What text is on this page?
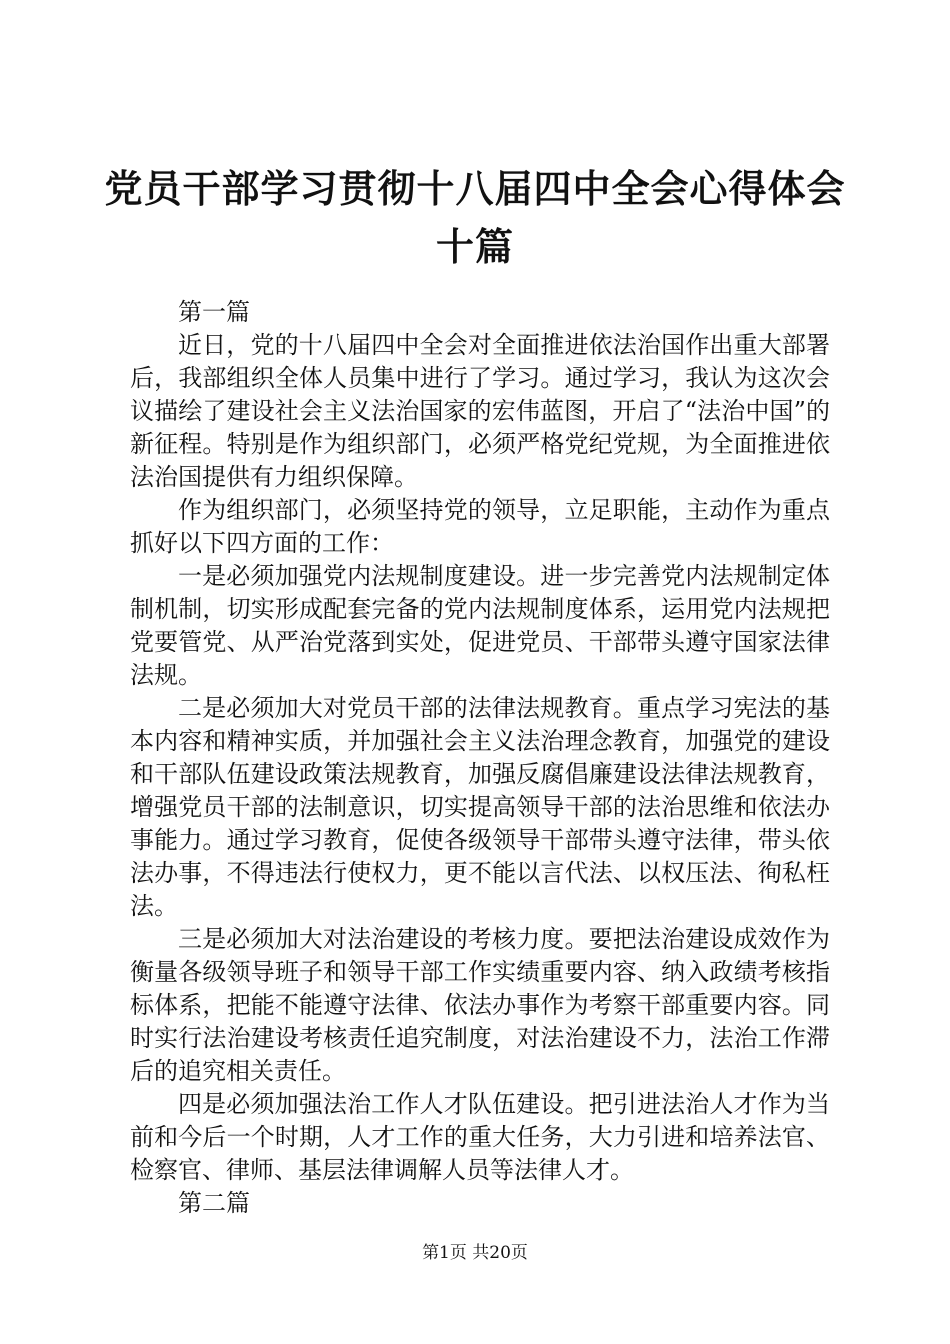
党员干部学习贯彻十八届四中全会心得体会十篇

第一篇

近日，党的十八届四中全会对全面推进依法治国作出重大部署后，我部组织全体人员集中进行了学习。通过学习，我认为这次会议描绘了建设社会主义法治国家的宏伟蓝图，开启了“法治中国”的新征程。特别是作为组织部门，必须严格党纪党规，为全面推进依法治国提供有力组织保障。

作为组织部门，必须坚持党的领导，立足职能，主动作为重点抓好以下四方面的工作：

一是必须加强党内法规制度建设。进一步完善党内法规制定体制机制，切实形成配套完备的党内法规制度体系，运用党内法规把党要管党、从严治党落到实处，促进党员、干部带头遵守国家法律法规。

二是必须加大对党员干部的法律法规教育。重点学习宪法的基本内容和精神实质，并加强社会主义法治理念教育，加强党的建设和干部队伍建设政策法规教育，加强反腐倡廉建设法律法规教育，增强党员干部的法制意识，切实提高领导干部的法治思维和依法办事能力。通过学习教育，促使各级领导干部带头遵守法律，带头依法办事，不得违法行使权力，更不能以言代法、以权压法、徇私枉法。

三是必须加大对法治建设的考核力度。要把法治建设成效作为衡量各级领导班子和领导干部工作实绩重要内容、纳入政绩考核指标体系，把能不能遵守法律、依法办事作为考察干部重要内容。同时实行法治建设考核责任追究制度，对法治建设不力，法治工作滞后的追究相关责任。

四是必须加强法治工作人才队伍建设。把引进法治人才作为当前和今后一个时期，人才工作的重大任务，大力引进和培养法官、检察官、律师、基层法律调解人员等法律人才。

第二篇

第1页 共20页
